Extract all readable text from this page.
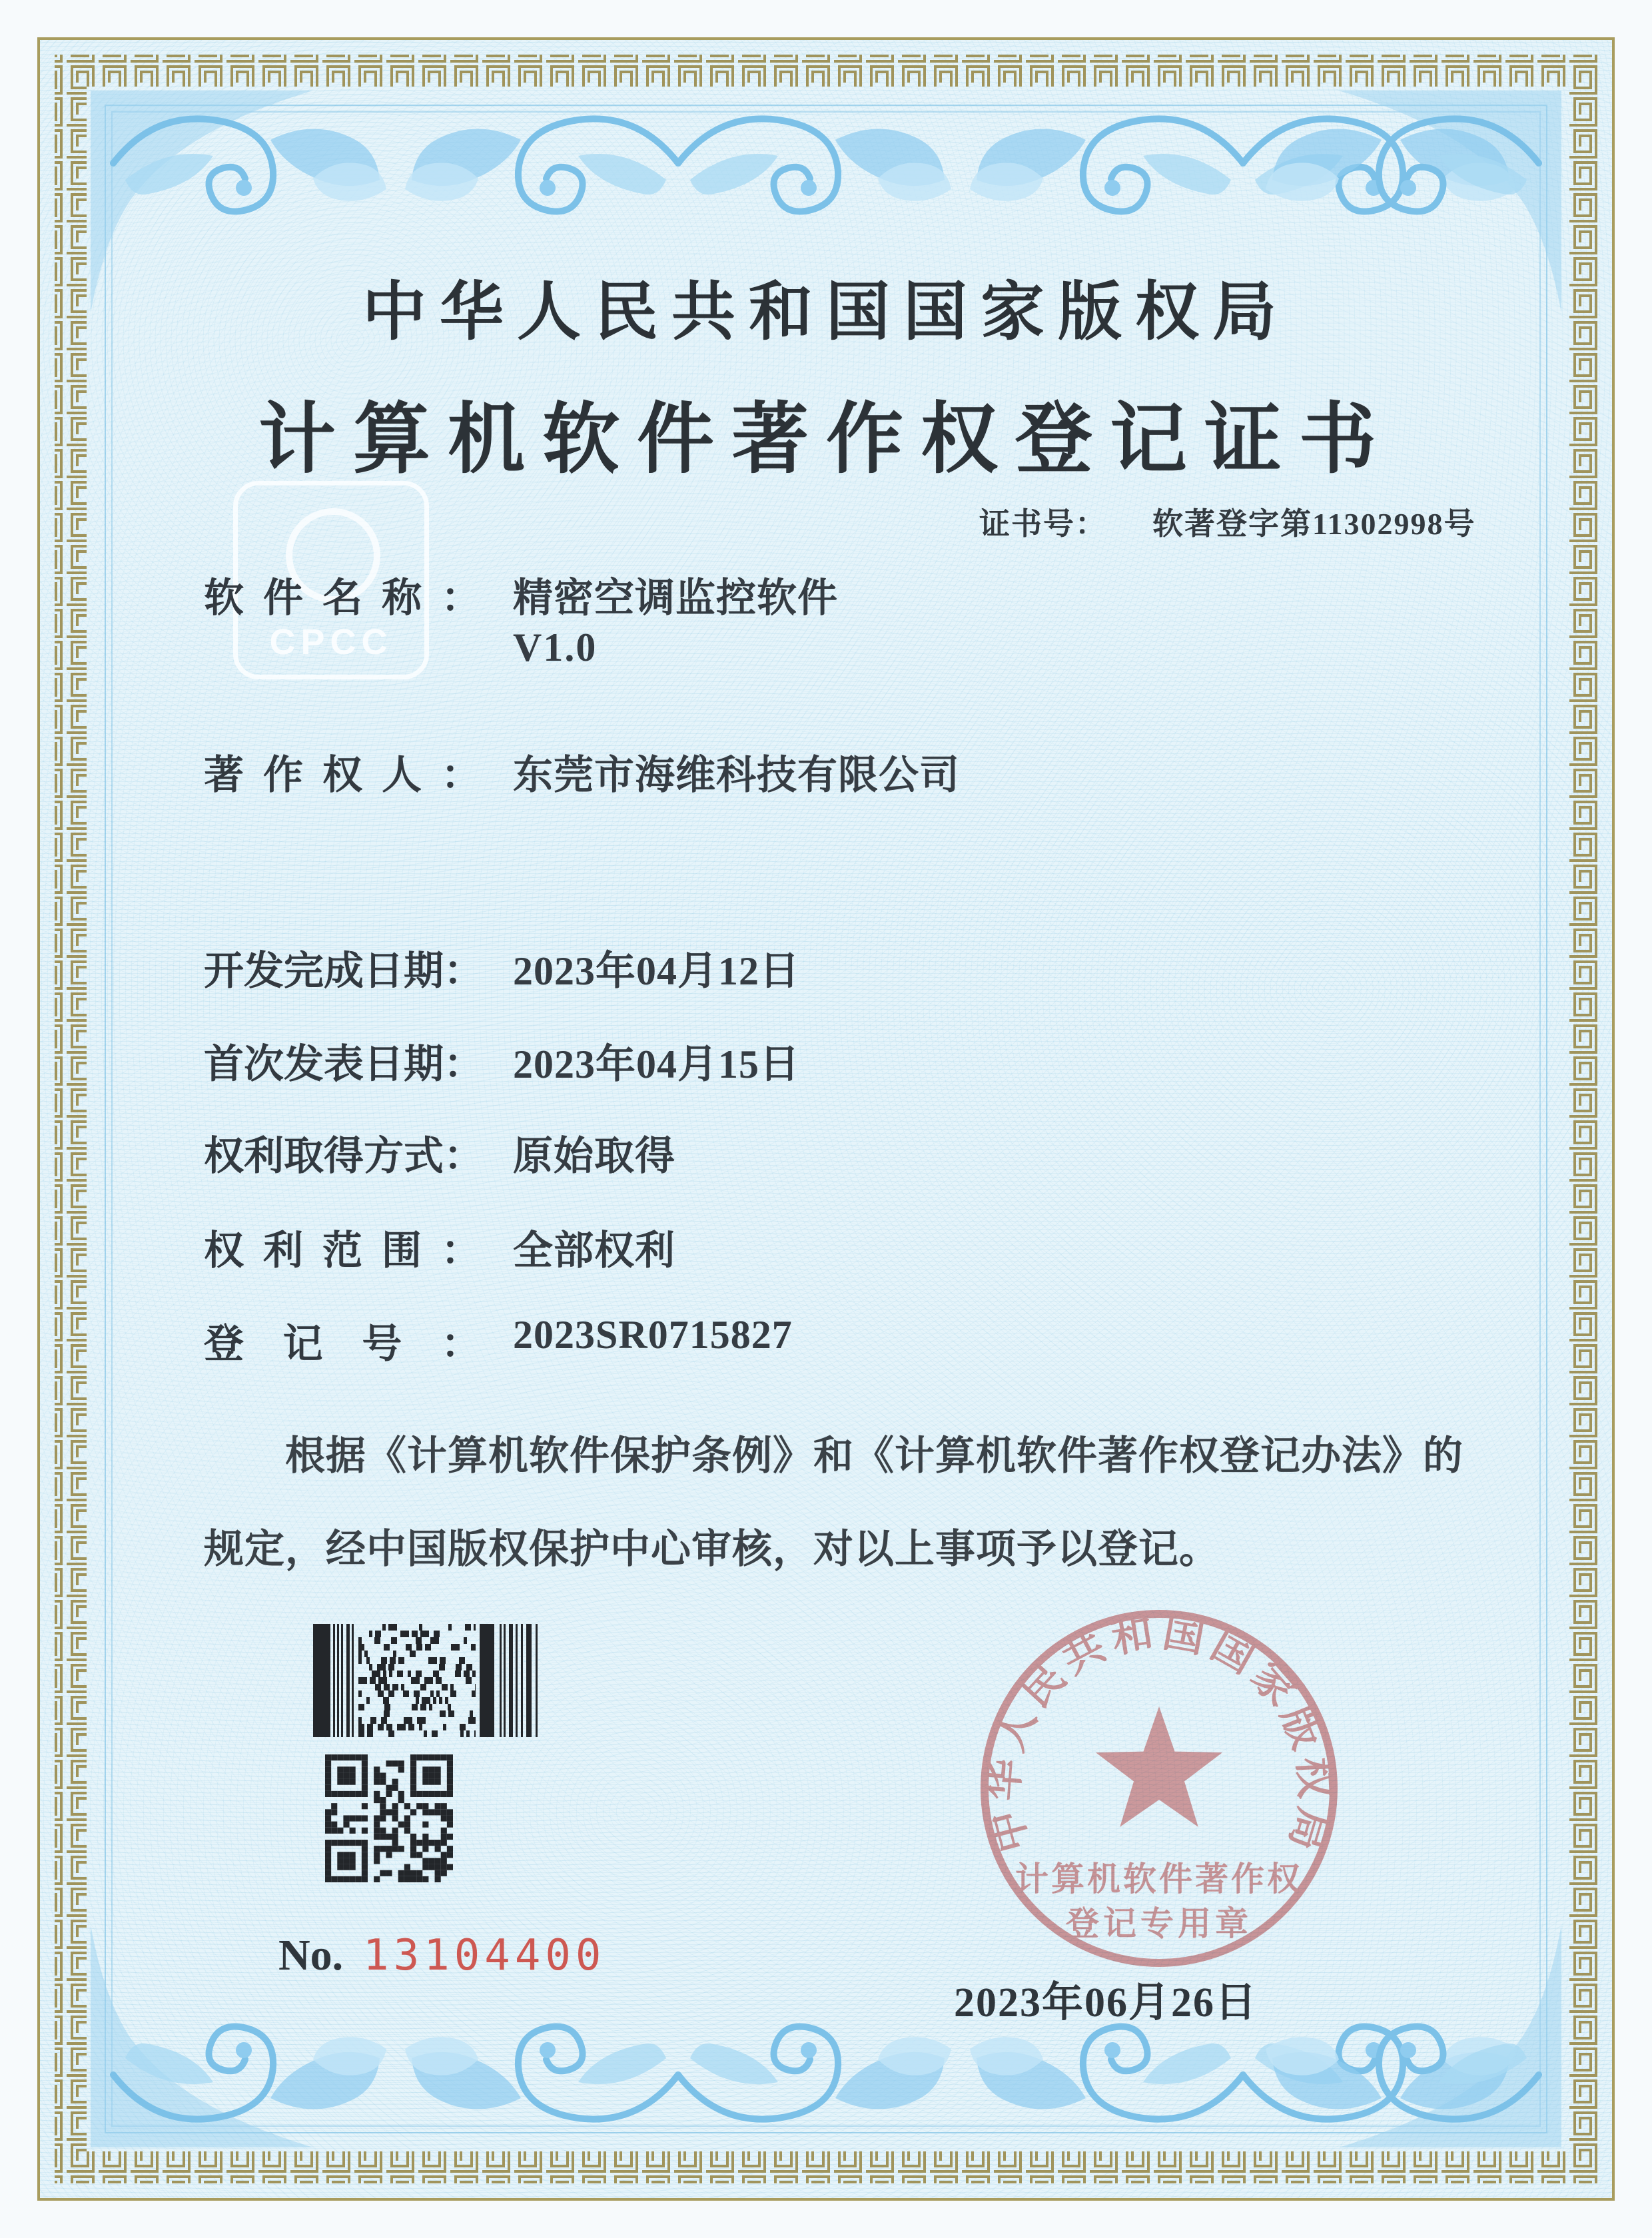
CPCC
中华人民共和国国家版权局
计算机软件著作权登记证书
证书号： 软著登字第11302998号
软 件 名 称 ： 精密空调监控软件
V1.0
著 作 权 人 ： 东莞市海维科技有限公司
开 发 完 成 日 期 ： 2023年04月12日
首 次 发 表 日 期 ： 2023年04月15日
权 利 取 得 方 式 ： 原始取得
权 利 范 围 ： 全部权利
登 记 号 ： 2023SR0715827
根据《计算机软件保护条例》和《计算机软件著作权登记办法》的
规定，经中国版权保护中心审核，对以上事项予以登记。
No. 13104400
中华人民共和国国家版权局
计算机软件著作权
登记专用章
2023年06月26日
